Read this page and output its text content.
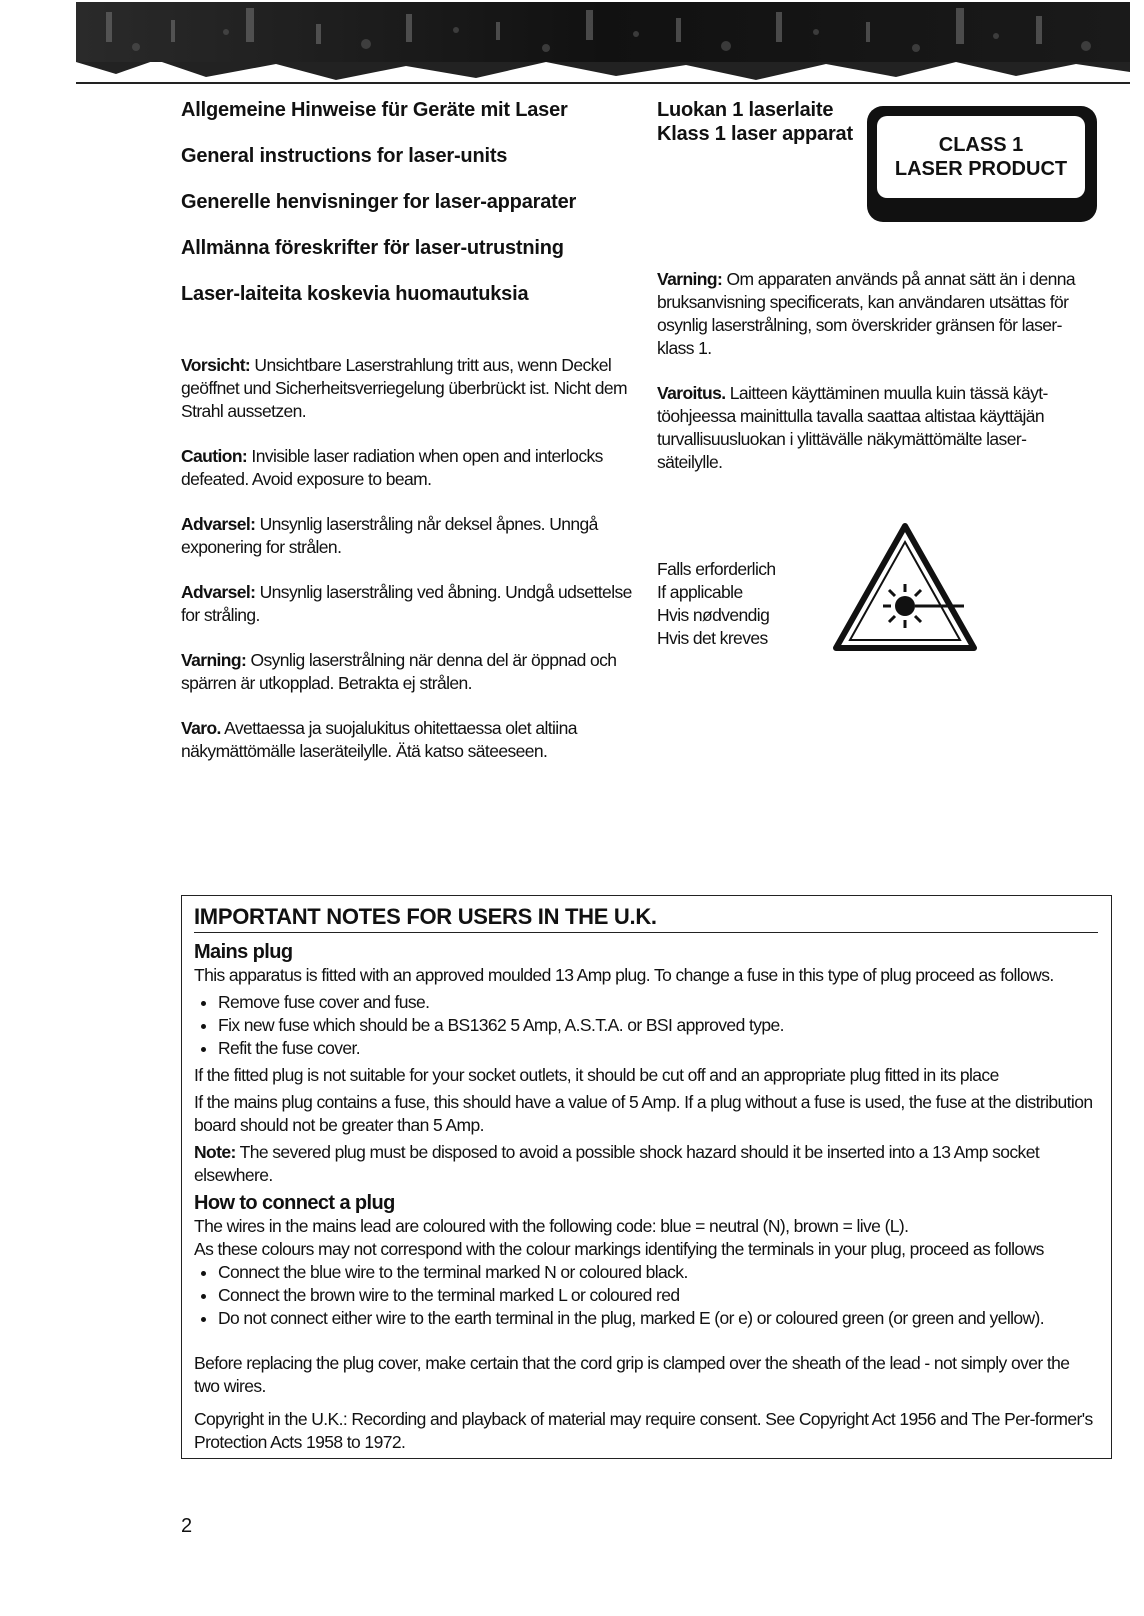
Allgemeine Hinweise für Geräte mit Laser

General instructions for laser-units

Generelle henvisninger for laser-apparater

Allmänna föreskrifter för laser-utrustning

Laser-laiteita koskevia huomautuksia

Vorsicht: Unsichtbare Laserstrahlung tritt aus, wenn Deckel geöffnet und Sicherheitsverriegelung überbrückt ist. Nicht dem Strahl aussetzen.

Caution: Invisible laser radiation when open and interlocks defeated. Avoid exposure to beam.

Advarsel: Unsynlig laserstråling når deksel åpnes. Unngå exponering for strålen.

Advarsel: Unsynlig laserstråling ved åbning. Undgå udsettelse for stråling.

Varning: Osynlig laserstrålning när denna del är öppnad och spärren är utkopplad. Betrakta ej strålen.

Varo. Avettaessa ja suojalukitus ohitettaessa olet altiina näkymättömälle laseräteilylle. Ätä katso säteeseen.

Luokan 1 laserlaite

Klass 1 laser apparat	CLASS 1
LASER PRODUCT

Varning: Om apparaten används på annat sätt än i denna bruksanvisning specificerats, kan användaren utsättas för osynlig laserstrålning, som överskrider gränsen för laser-klass 1.

Varoitus. Laitteen käyttäminen muulla kuin tässä käyt-töohjeessa mainittulla tavalla saattaa altistaa käyttäjän turvallisuusluokan i ylittävälle näkymättömälte laser-säteilylle.

Falls erforderlich

If applicable

Hvis nødvendig

Hvis det kreves

IMPORTANT NOTES FOR USERS IN THE U.K.

Mains plug

This apparatus is fitted with an approved moulded 13 Amp plug. To change a fuse in this type of plug proceed as follows.

• Remove fuse cover and fuse.
• Fix new fuse which should be a BS1362 5 Amp, A.S.T.A. or BSI approved type.
• Refit the fuse cover.

If the fitted plug is not suitable for your socket outlets, it should be cut off and an appropriate plug fitted in its place

If the mains plug contains a fuse, this should have a value of 5 Amp. If a plug without a fuse is used, the fuse at the distribution board should not be greater than 5 Amp.

Note: The severed plug must be disposed to avoid a possible shock hazard should it be inserted into a 13 Amp socket elsewhere.

How to connect a plug

The wires in the mains lead are coloured with the following code: blue = neutral (N), brown = live (L).

As these colours may not correspond with the colour markings identifying the terminals in your plug, proceed as follows

• Connect the blue wire to the terminal marked N or coloured black.
• Connect the brown wire to the terminal marked L or coloured red
• Do not connect either wire to the earth terminal in the plug, marked E (or e) or coloured green (or green and yellow).

Before replacing the plug cover, make certain that the cord grip is clamped over the sheath of the lead - not simply over the two wires.

Copyright in the U.K.: Recording and playback of material may require consent. See Copyright Act 1956 and The Per-former's Protection Acts 1958 to 1972.

2
